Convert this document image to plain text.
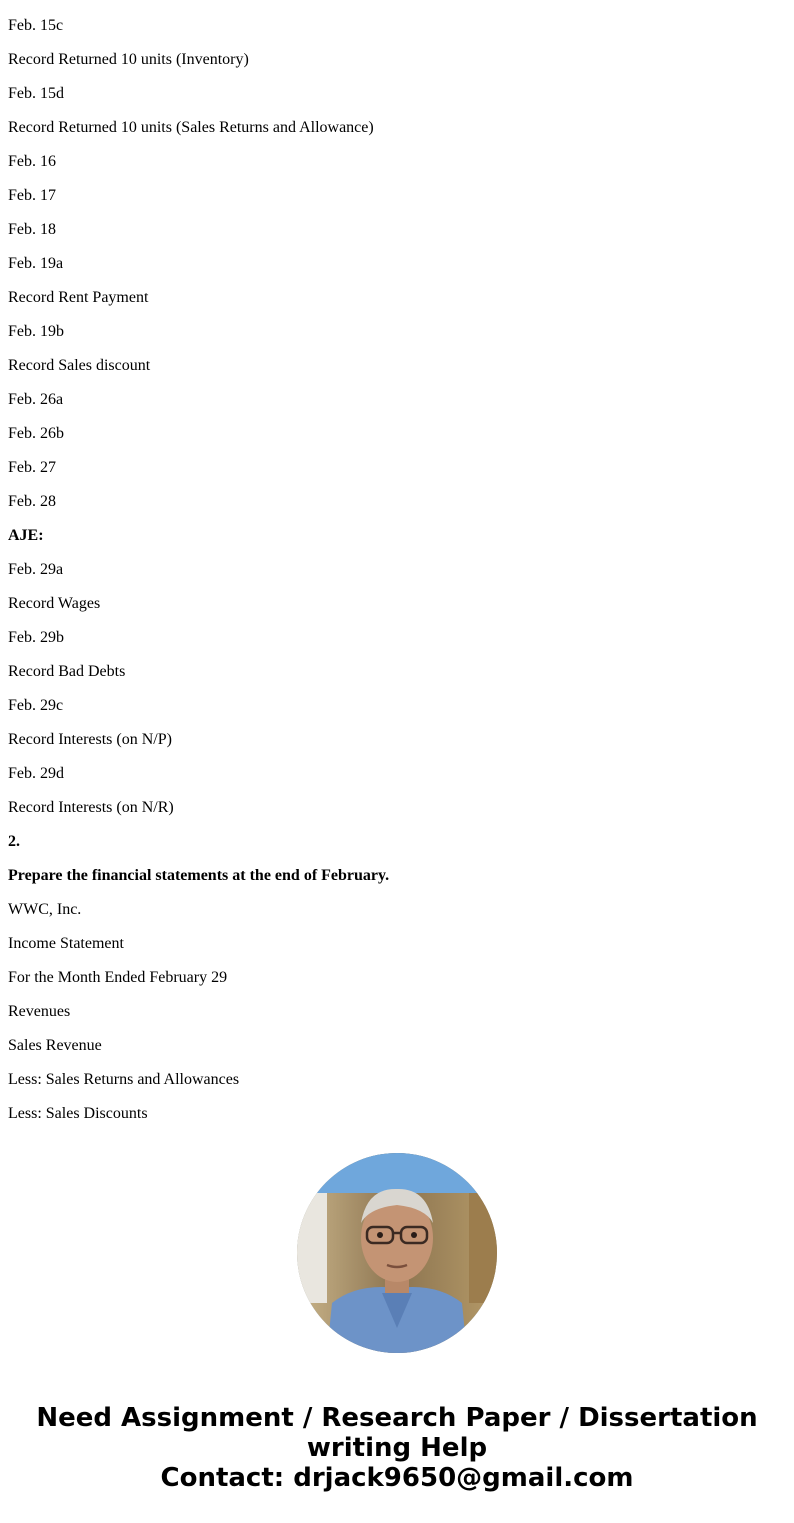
Feb. 15c
Record Returned 10 units (Inventory)
Feb. 15d
Record Returned 10 units (Sales Returns and Allowance)
Feb. 16
Feb. 17
Feb. 18
Feb. 19a
Record Rent Payment
Feb. 19b
Record Sales discount
Feb. 26a
Feb. 26b
Feb. 27
Feb. 28
AJE:
Feb. 29a
Record Wages
Feb. 29b
Record Bad Debts
Feb. 29c
Record Interests (on N/P)
Feb. 29d
Record Interests (on N/R)
2.
Prepare the financial statements at the end of February.
WWC, Inc.
Income Statement
For the Month Ended February 29
Revenues
Sales Revenue
Less: Sales Returns and Allowances
Less: Sales Discounts
Need Assignment / Research Paper / Dissertation
writing Help
Contact: drjack9650@gmail.com
